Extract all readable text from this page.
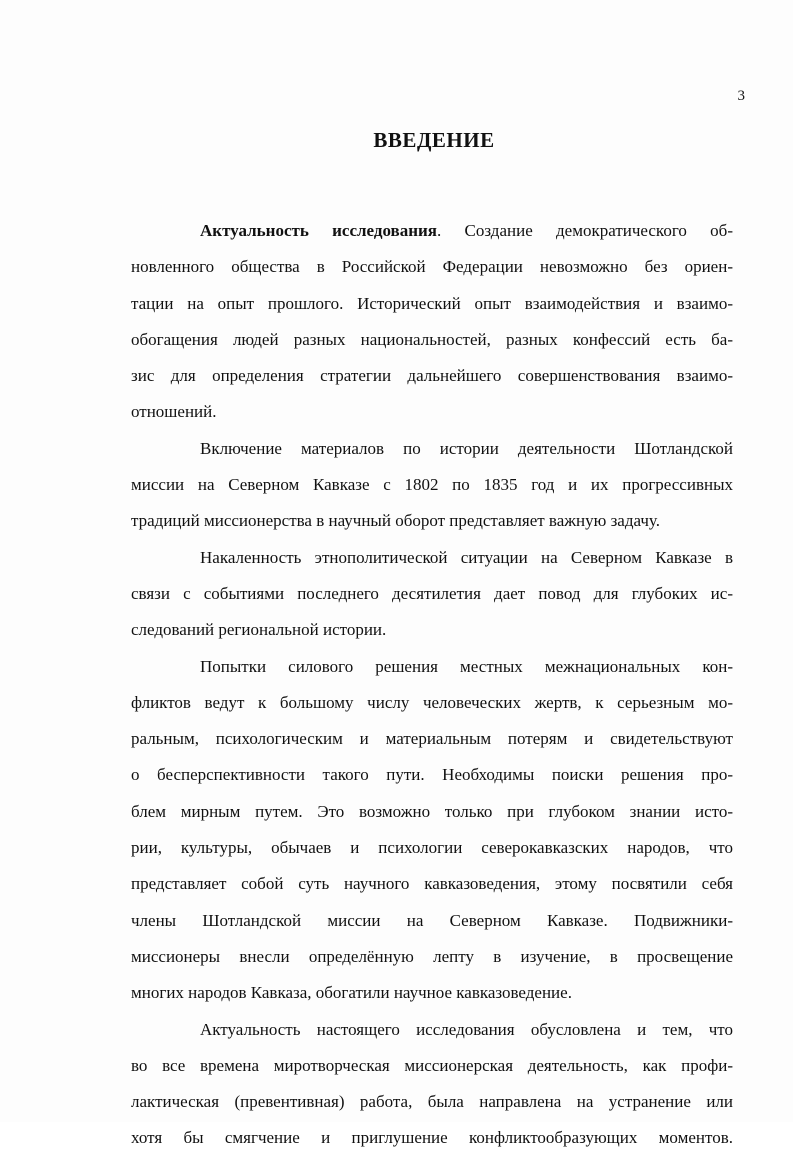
3
ВВЕДЕНИЕ
Актуальность исследования. Создание демократического об-
новленного общества в Российской Федерации невозможно без ориен-
тации на опыт прошлого. Исторический опыт взаимодействия и взаимо-
обогащения людей разных национальностей, разных конфессий есть ба-
зис для определения стратегии дальнейшего совершенствования взаимо-
отношений.
Включение материалов по истории деятельности Шотландской
миссии на Северном Кавказе с 1802 по 1835 год и их прогрессивных
традиций миссионерства в научный оборот представляет важную задачу.
Накаленность этнополитической ситуации на Северном Кавказе в
связи с событиями последнего десятилетия дает повод для глубоких ис-
следований региональной истории.
Попытки силового решения местных межнациональных кон-
фликтов ведут к большому числу человеческих жертв, к серьезным мо-
ральным, психологическим и материальным потерям и свидетельствуют
о бесперспективности такого пути. Необходимы поиски решения про-
блем мирным путем. Это возможно только при глубоком знании исто-
рии, культуры, обычаев и психологии северокавказских народов, что
представляет собой суть научного кавказоведения, этому посвятили себя
члены Шотландской миссии на Северном Кавказе. Подвижники-
миссионеры внесли определённую лепту в изучение, в просвещение
многих народов Кавказа, обогатили научное кавказоведение.
Актуальность настоящего исследования обусловлена и тем, что
во все времена миротворческая миссионерская деятельность, как профи-
лактическая (превентивная) работа, была направлена на устранение или
хотя бы смягчение и приглушение конфликтообразующих моментов.
